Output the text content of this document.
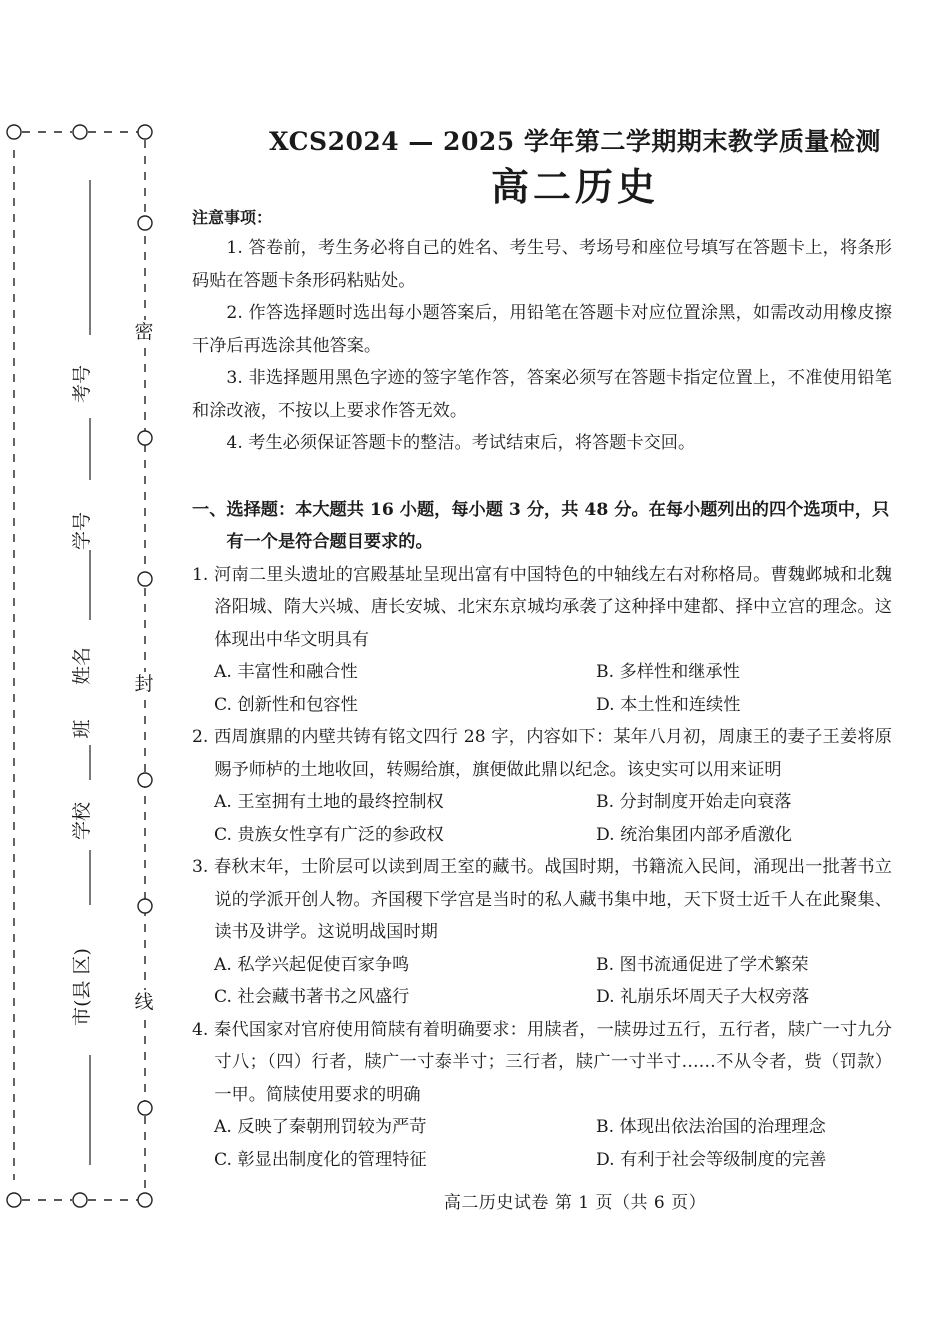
密
封
线
考号
学号
姓名
班
学校
市(县 区)
XCS2024 — 2025 学年第二学期期末教学质量检测
高二历史
注意事项：

1. 答卷前，考生务必将自己的姓名、考生号、考场号和座位号填写在答题卡上，将条形码贴在答题卡条形码粘贴处。

2. 作答选择题时选出每小题答案后，用铅笔在答题卡对应位置涂黑，如需改动用橡皮擦干净后再选涂其他答案。

3. 非选择题用黑色字迹的签字笔作答，答案必须写在答题卡指定位置上，不准使用铅笔和涂改液，不按以上要求作答无效。

4. 考生必须保证答题卡的整洁。考试结束后，将答题卡交回。

一、选择题：本大题共 16 小题，每小题 3 分，共 48 分。在每小题列出的四个选项中，只有一个是符合题目要求的。

1. 河南二里头遗址的宫殿基址呈现出富有中国特色的中轴线左右对称格局。曹魏邺城和北魏洛阳城、隋大兴城、唐长安城、北宋东京城均承袭了这种择中建都、择中立宫的理念。这体现出中华文明具有

A. 丰富性和融合性	B. 多样性和继承性
C. 创新性和包容性	D. 本土性和连续性

2. 西周旗鼎的内壁共铸有铭文四行 28 字，内容如下：某年八月初，周康王的妻子王姜将原赐予师栌的土地收回，转赐给旗，旗便做此鼎以纪念。该史实可以用来证明

A. 王室拥有土地的最终控制权	B. 分封制度开始走向衰落
C. 贵族女性享有广泛的参政权	D. 统治集团内部矛盾激化

3. 春秋末年，士阶层可以读到周王室的藏书。战国时期，书籍流入民间，涌现出一批著书立说的学派开创人物。齐国稷下学宫是当时的私人藏书集中地，天下贤士近千人在此聚集、读书及讲学。这说明战国时期

A. 私学兴起促使百家争鸣	B. 图书流通促进了学术繁荣
C. 社会藏书著书之风盛行	D. 礼崩乐坏周天子大权旁落

4. 秦代国家对官府使用简牍有着明确要求：用牍者，一牍毋过五行，五行者，牍广一寸九分寸八；（四）行者，牍广一寸泰半寸；三行者，牍广一寸半寸……不从令者，赀（罚款）一甲。简牍使用要求的明确

A. 反映了秦朝刑罚较为严苛	B. 体现出依法治国的治理理念
C. 彰显出制度化的管理特征	D. 有利于社会等级制度的完善
高二历史试卷 第 1 页（共 6 页）
